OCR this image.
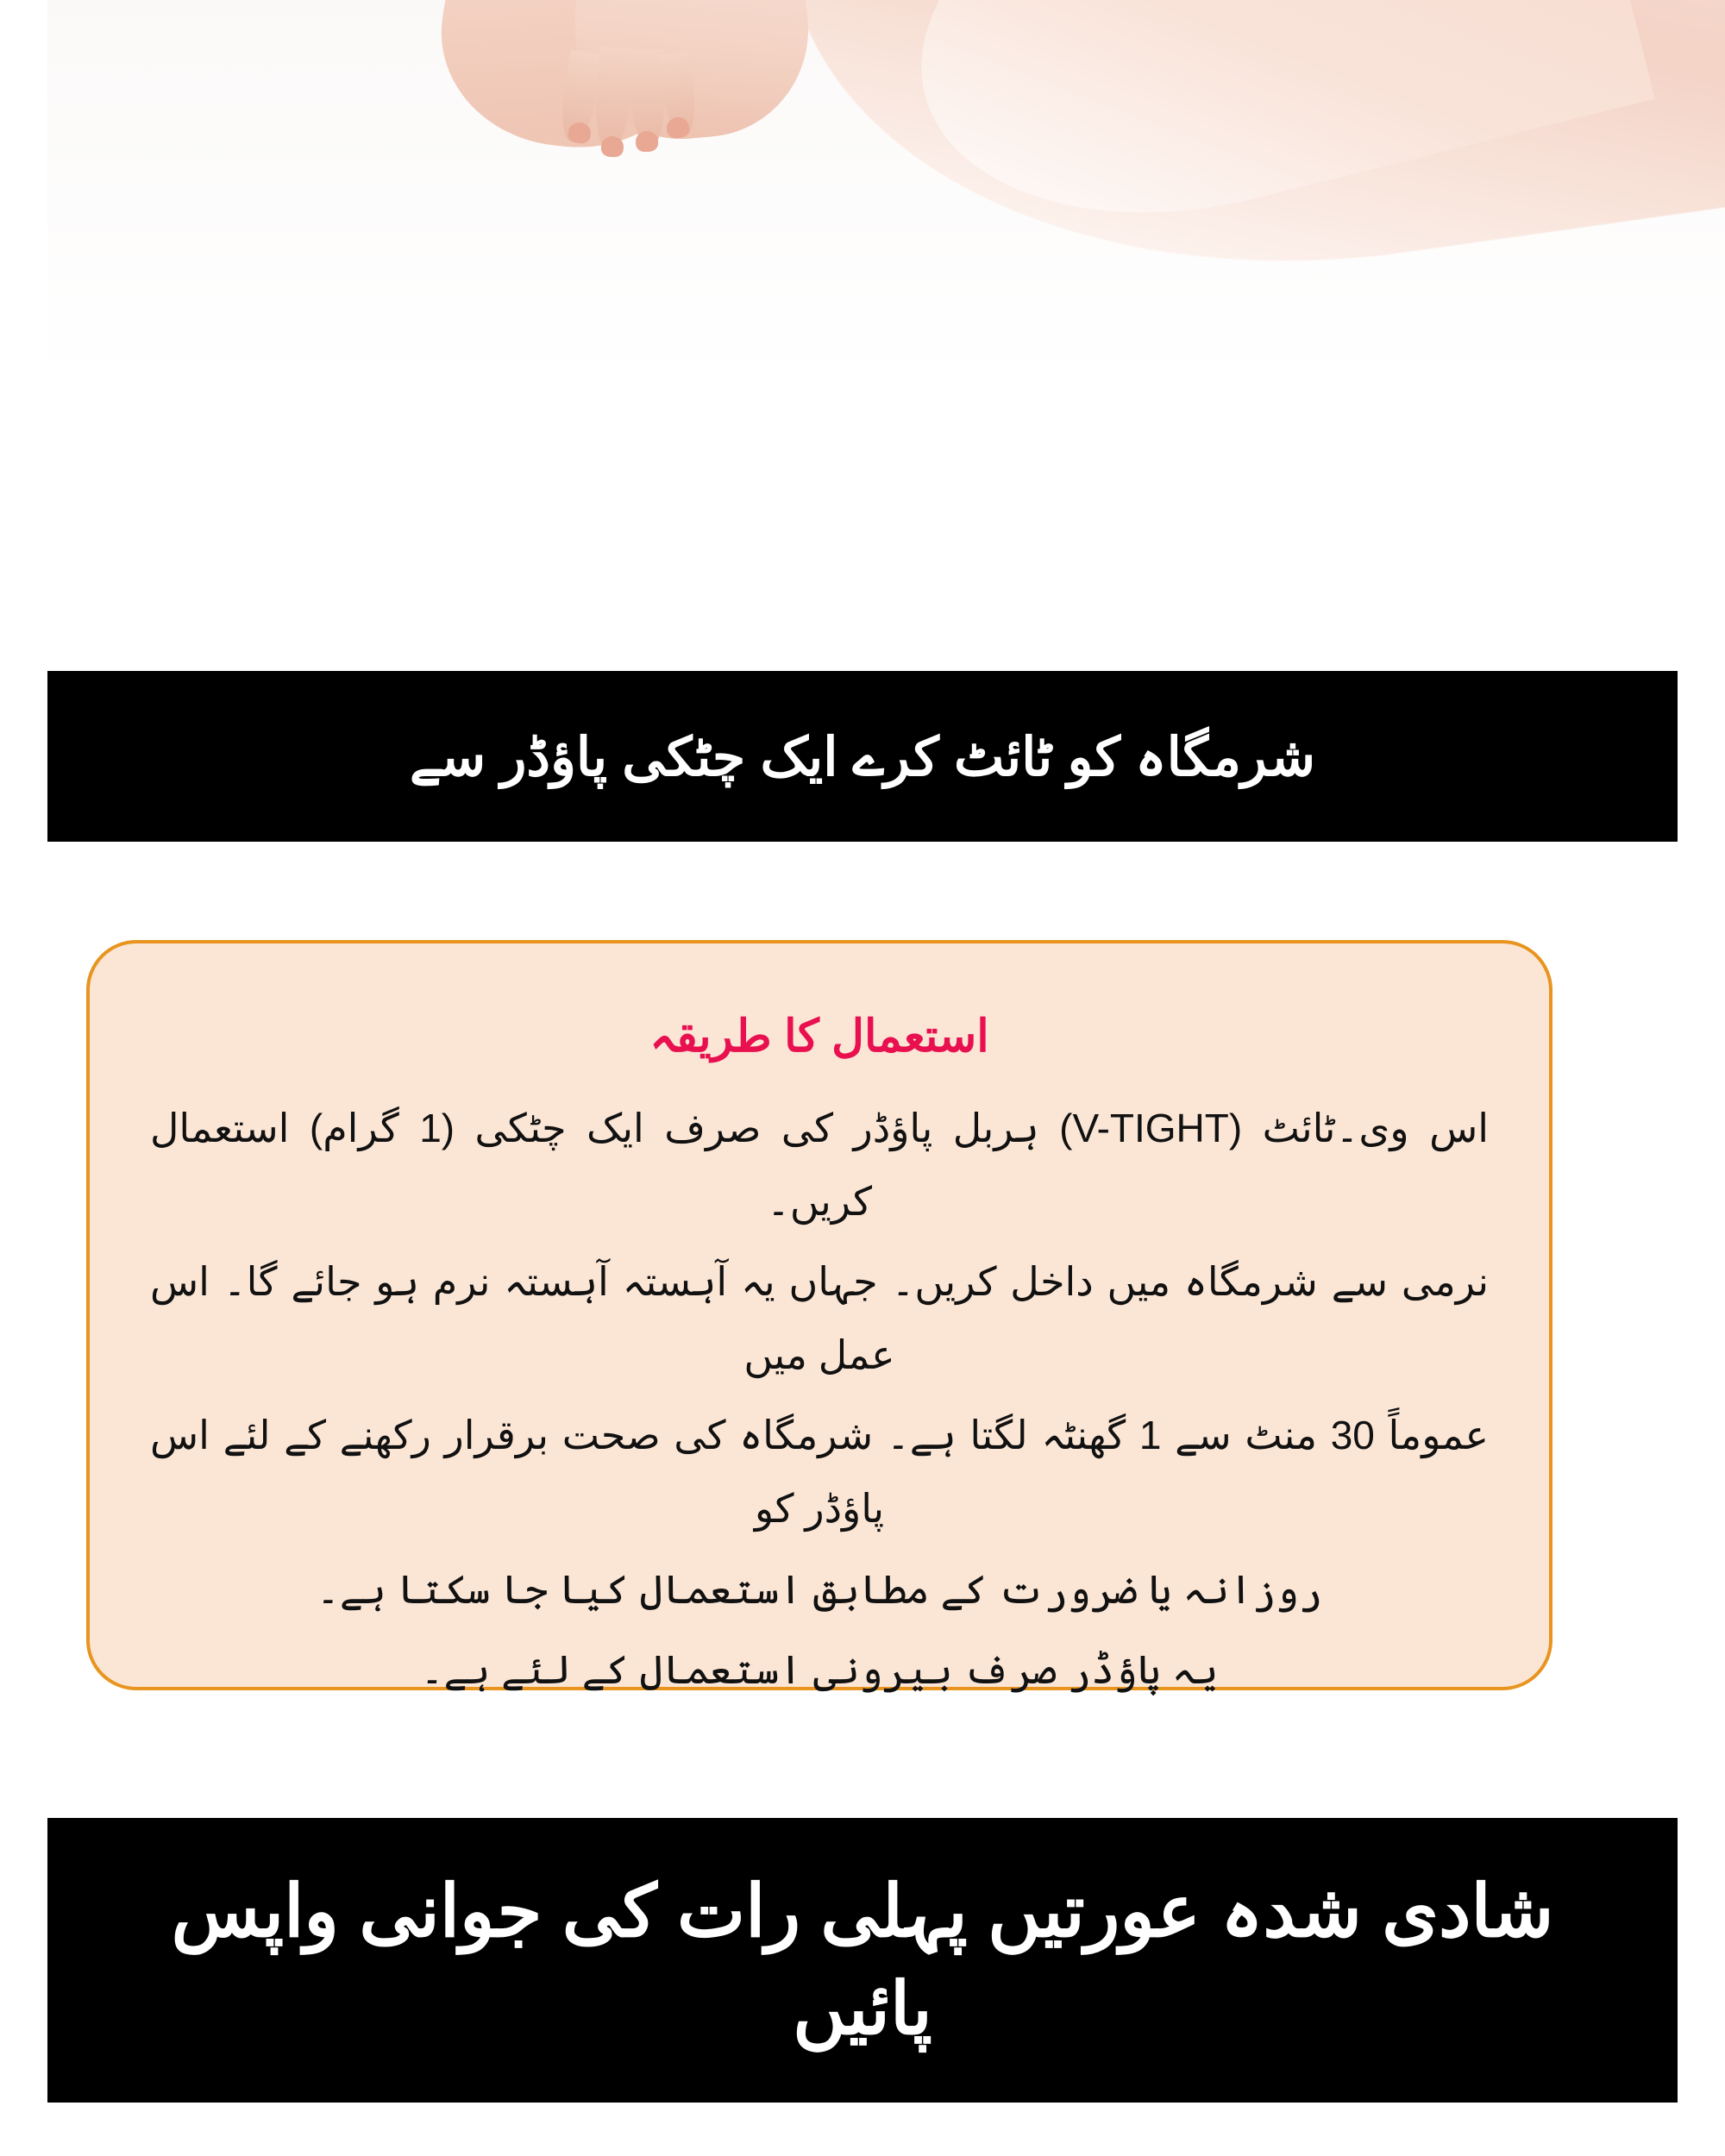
شرمگاہ کو ٹائٹ کرے ایک چٹکی پاؤڈر سے
استعمال کا طریقہ

اس وی۔ٹائٹ (V-TIGHT) ہربل پاؤڈر کی صرف ایک چٹکی (1 گرام) استعمال کریں۔

نرمی سے شرمگاہ میں داخل کریں۔ جہاں یہ آہستہ آہستہ نرم ہو جائے گا۔ اس عمل میں

عموماً 30 منٹ سے 1 گھنٹہ لگتا ہے۔ شرمگاہ کی صحت برقرار رکھنے کے لئے اس پاؤڈر کو

روزانہ یا ضرورت کے مطابق استعمال کیا جا سکتا ہے۔

یہ پاؤڈر صرف بیرونی استعمال کے لئے ہے۔

شادی شدہ عورتیں پہلی رات کی جوانی واپس پائیں
